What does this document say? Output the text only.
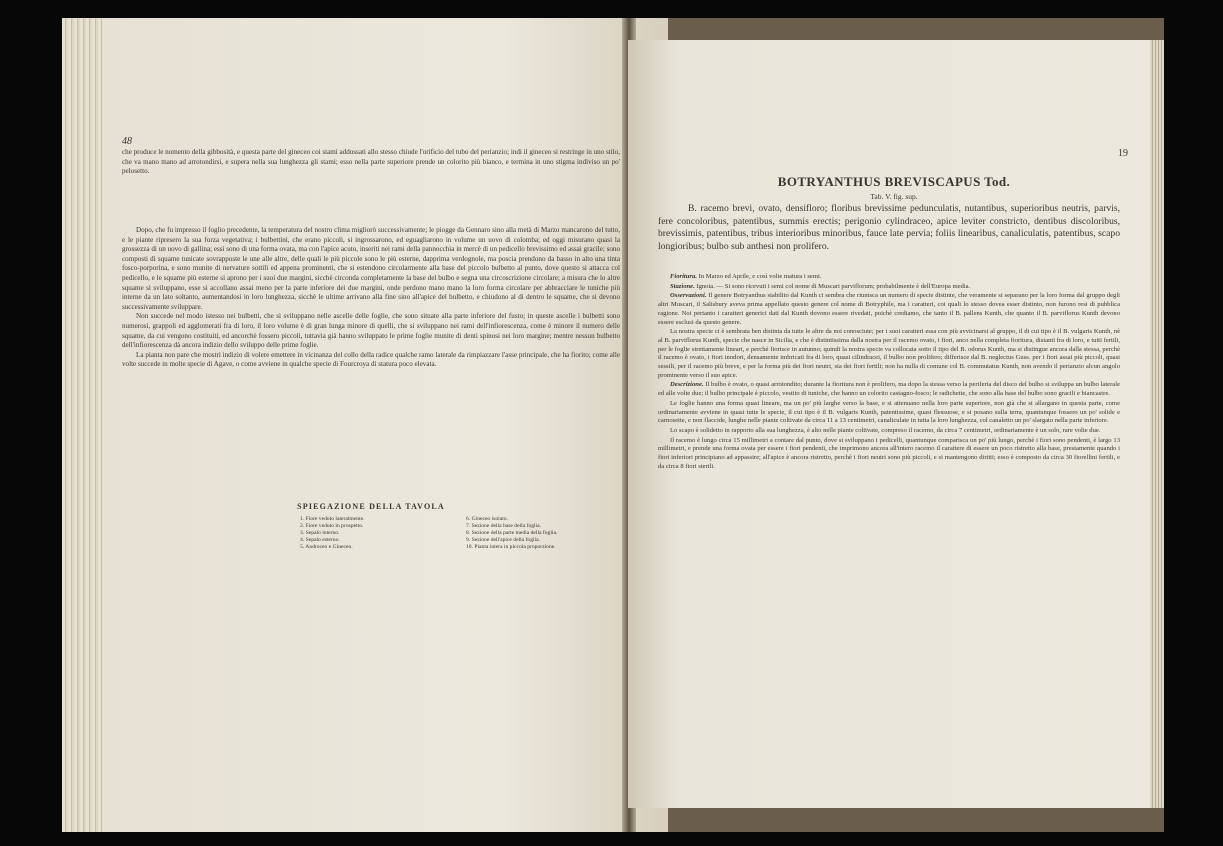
48

che produce le nomento della gibbosità, e questa parte del gineceo coi stami addossati allo stesso chiude l'orificio del tubo del perianzio; indi il gineceo si restringe in uno stilo, che va mano mano ad arrotondirsi, e supera nella sua lunghezza gli stami; esso nella parte superiore prende un colorito più bianco, e termina in uno stigma indiviso un po' pelosetto.

Dopo, che fu impresso il foglio precedente, la temperatura del nostro clima migliorò successivamente; le piogge da Gennaro sino alla metà di Marzo mancarono del tutto, e le piante ripresero la sua forza vegetativa; i bulbettini, che erano piccoli, si ingrossarono, ed eguagliarono in volume un uovo di colomba; ed oggi misurano quasi la grossezza di un uovo di gallina; essi sono di una forma ovata, ma con l'apice acuto, inseriti nei rami della pannocchia in mercè di un pedicello brevissimo ed assai gracile; sono composti di squame tunicate sovrapposte le une alle altre, delle quali le più piccole sono le più esterne, dapprima verdognole, ma poscia prendono da basso in alto una tinta fosco-porporina, e sono munite di nervature sottili ed appena prominenti, che si estendono circolarmente alla base del piccolo bulbetto al punto, dove questo si attacca col pedicello, e le squame più esterne si aprono per i suoi due margini, sicchè circonda completamente la base del bulbo e segna una circoscrizione circolare; a misura che lo altre squame si sviluppano, esse si accollano assai meno per la parte inferiore dei due margini, onde perdono mano mano la loro forma circolare per abbracciare le tuniche più interne da un lato soltanto, aumentandosi in loro lunghezza, sicchè le ultime arrivano alla fine sino all'apice del bulbetto, e chiudono al di dentro le squame, che si devono successivamente sviluppare.

Non succede nel modo istesso nei bulbetti, che si sviluppano nelle ascelle delle foglie, che sono situate alla parte inferiore del fusto; in queste ascelle i bulbetti sono numerosi, grappoli ed agglomerati fra di loro, il loro volume è di gran lunga minore di quelli, che si sviluppano nei rami dell'infiorescenza, come è minore il numero delle squame, da cui vengono costituiti, ed ancorchè fossero piccoli, tuttavia già hanno sviluppato le prime foglie munite di denti spinosi nei loro margine; mentre nessun bulbetto dell'infiorescenza dà ancora indizio dello sviluppo delle prime foglie.

La pianta non pare che mostri indizio di volere emettere in vicinanza del collo della radice qualche ramo laterale da rimpiazzare l'asse principale, che ha fiorito; come alle volte succede in molte specie di Agave, o come avviene in qualche specie di Fourcroya di statura poco elevata.

SPIEGAZIONE DELLA TAVOLA
1. Fiore veduto lateralmente.
2. Fiore veduto in prospetto.
3. Sepalo interno.
4. Sepalo esterno.
5. Androceo e Gineceo.
6. Gineceo isolato.
7. Sezione della base della foglia.
8. Sezione della parte media della foglia.
9. Sezione dell'apice della foglia.
10. Pianta intera in piccola proporzione.
19
BOTRYANTHUS BREVISCAPUS Tod.
Tab. V. fig. sup.

B. racemo brevi, ovato, densifloro; floribus brevissime pedunculatis, nutantibus, superioribus neutris, parvis, fere concoloribus, patentibus, summis erectis; perigonio cylindraceo, apice leviter constricto, dentibus discoloribus, brevissimis, patentibus, tribus interioribus minoribus, fauce late pervia; foliis linearibus, canaliculatis, patentibus, scapo longioribus; bulbo sub anthesi non prolifero.

Fioritura. In Marzo ed Aprile, e così volte matura i semi.

Stazione. Ignota. — Si sono ricevuti i semi col nome di Muscari parviflorum; probabilmente è dell'Europa media.

Osservazioni. Il genere Botryanthus stabilito dal Kunth ci sembra che riunisca un numero di specie distinte, che veramente si separano per la loro forma dal gruppo degli altri Muscari, il Salisbury aveva prima appellato questo genere col nome di Botryphile, ma i caratteri, coi quali lo stesso dovea esser distinto, non furono resi di pubblica ragione. Noi pertanto i caratteri generici dati dal Kunth dovono essere rivedati, poichè crediamo, che tanto il B. pallens Kunth, che quanto il B. parviflorus Kunth devono essere esclusi da questo genere.

La nostra specie ci è sembrata ben distinta da tutte le altre da noi conosciute; per i suoi caratteri essa con più avvicinarsi al gruppo, il di cui tipo è il B. vulgaris Kunth, nè al B. parviflorus Kunth, specie che nasce in Sicilia, e che è distintissima dalla nostra per il racemo ovato, i fiori, anco nella completa fioritura, distanti fra di loro, e tutti fertili, per le foglie strettamente lineari, e perchè fiorisce in autunno; quindi la nostra specie va collocata sotto il tipo del B. odorus Kunth, ma si distingue ancora dalla stessa, perchè il racemo è ovato, i fiori inodori, densamente imbricati fra di loro, quasi cilindracei, il bulbo non prolifero; differisce dal B. neglectus Guss. per i fiori assai più piccoli, quasi sessili, per il racemo più breve, e per la forma più dei fiori neutri, sia dei fiori fertili; non ha nulla di comune col B. commutatus Kunth, non avendo il perianzio alcun angolo prominente verso il suo apice.

Descrizione. Il bulbo è ovato, o quasi arrotondito; durante la fioritura non è prolifero, ma dopo la stessa verso la periferia del disco del bulbo si sviluppa un bulbo laterale ed alle volte due; il bulbo principale è piccolo, vestito di tuniche, che hanno un colorito castagno-fosco; le radichette, che sono alla base del bulbo sono gracili e biancastre.

Le foglie hanno una forma quasi lineare, ma un po' più larghe verso la base, e si attenuano nella loro parte superiore, non già che si allargano in questa parte, come ordinariamente avviene in quasi tutte le specie, il cui tipo è il B. vulgaris Kunth, patentissime, quasi flessuose, e si posano sulla terra, quantunque fossero un po' solide e carnosette, e non flaccide, lunghe nelle piante coltivate da circa 11 a 13 centimetri, canaliculate in tutta la loro lunghezza, col canaletto un po' slargato nella parte inferiore.

Lo scapo è solidetto in rapporto alla sua lunghezza, è alto nelle piante coltivate, compreso il racemo, da circa 7 centimetri, ordinariamente è un solo, rare volte due.

Il racemo è lungo circa 15 millimetri a contare dal punto, dove si sviluppano i pedicelli, quantunque comparisca un po' più lungo, perchè i fiori sono pendenti, è largo 13 millimetri, e prende una forma ovata per essere i fiori pendenti, che imprimono ancora all'intero racemo il carattere di essere un poco ristretto alla base, prestamente quando i fiori inferiori principiano ad appassire; all'apice è ancora ristretto, perchè i fiori neutri sono più piccoli, e si mantengono diritti; esso è composto da circa 30 fiorellini fertili, e da circa 8 fiori sterili.
